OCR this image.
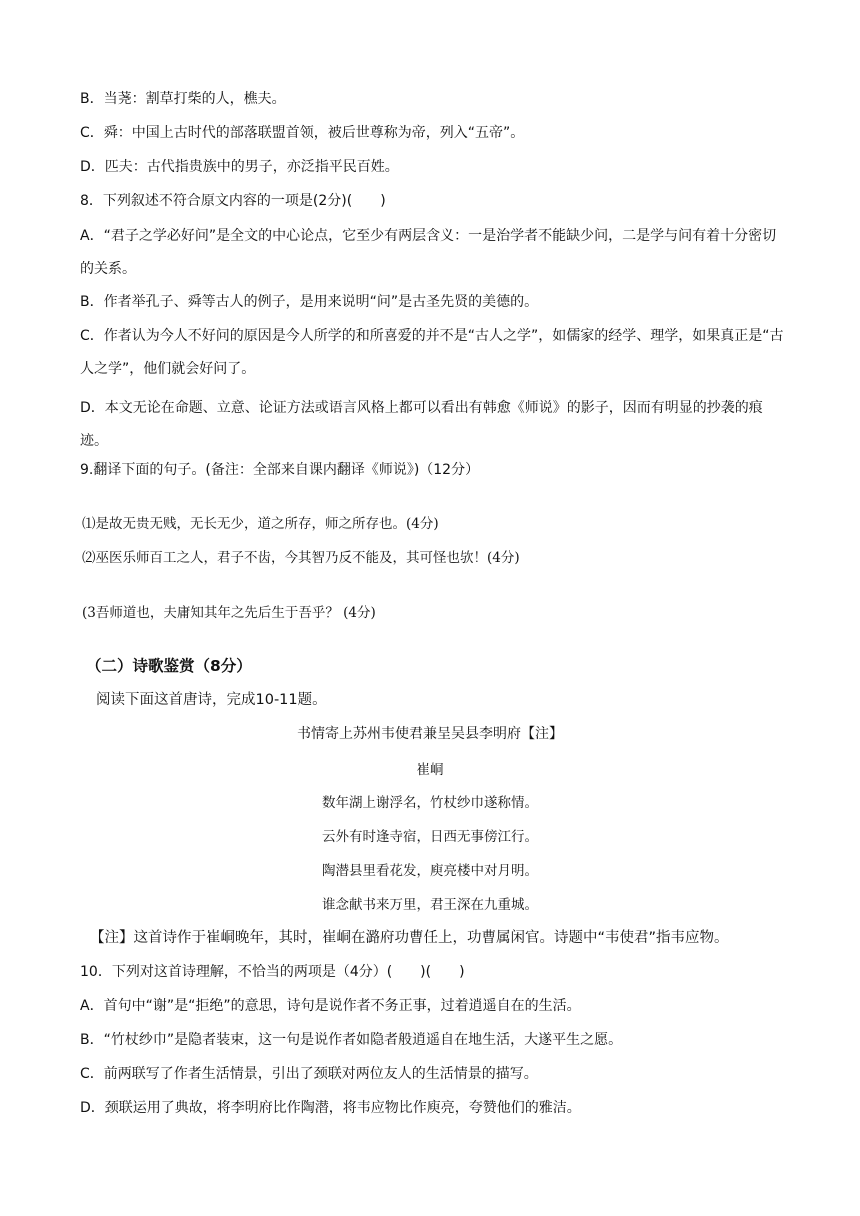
B．当荛：割草打柴的人，樵夫。
C．舜：中国上古时代的部落联盟首领，被后世尊称为帝，列入“五帝”。
D．匹夫：古代指贵族中的男子，亦泛指平民百姓。
8．下列叙述不符合原文内容的一项是(2分)(　　)
A．“君子之学必好问”是全文的中心论点，它至少有两层含义：一是治学者不能缺少问，二是学与问有着十分密切的关系。
B．作者举孔子、舜等古人的例子，是用来说明“问”是古圣先贤的美德的。
C．作者认为今人不好问的原因是今人所学的和所喜爱的并不是“古人之学”，如儒家的经学、理学，如果真正是“古人之学”，他们就会好问了。
D．本文无论在命题、立意、论证方法或语言风格上都可以看出有韩愈《师说》的影子，因而有明显的抄袭的痕迹。
9.翻译下面的句子。(备注：全部来自课内翻译《师说》)（12分）
⑴是故无贵无贱，无长无少，道之所存，师之所存也。(4分)
⑵巫医乐师百工之人，君子不齿，今其智乃反不能及，其可怪也欤！(4分)
(3吾师道也，夫庸知其年之先后生于吾乎？ (4分)
（二）诗歌鉴赏（8分）
阅读下面这首唐诗，完成10-11题。
书情寄上苏州韦使君兼呈吴县李明府【注】
崔峒
数年湖上谢浮名，竹杖纱巾遂称情。
云外有时逢寺宿，日西无事傍江行。
陶潜县里看花发，庾亮楼中对月明。
谁念献书来万里，君王深在九重城。
【注】这首诗作于崔峒晚年，其时，崔峒在潞府功曹任上，功曹属闲官。诗题中“韦使君”指韦应物。
10．下列对这首诗理解，不恰当的两项是（4分）(　　)(　　)
A．首句中“谢”是“拒绝”的意思，诗句是说作者不务正事，过着逍遥自在的生活。
B．“竹杖纱巾”是隐者装束，这一句是说作者如隐者般逍遥自在地生活，大遂平生之愿。
C．前两联写了作者生活情景，引出了颈联对两位友人的生活情景的描写。
D．颈联运用了典故，将李明府比作陶潜，将韦应物比作庾亮，夸赞他们的雅洁。
